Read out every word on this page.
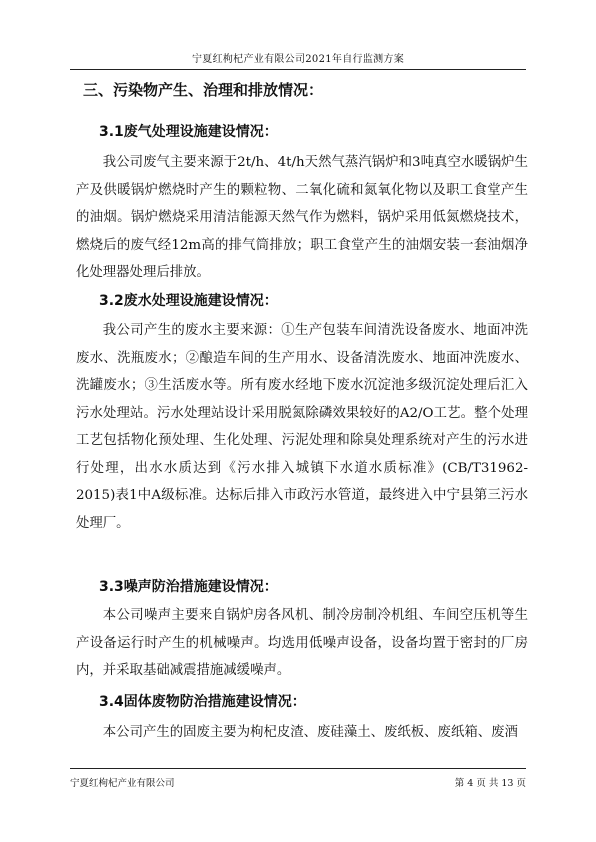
宁夏红枸杞产业有限公司2021年自行监测方案
三、污染物产生、治理和排放情况：
3.1废气处理设施建设情况：

我公司废气主要来源于2t/h、4t/h天然气蒸汽锅炉和3吨真空水暖锅炉生产及供暖锅炉燃烧时产生的颗粒物、二氧化硫和氮氧化物以及职工食堂产生的油烟。锅炉燃烧采用清洁能源天然气作为燃料，锅炉采用低氮燃烧技术，燃烧后的废气经12m高的排气筒排放；职工食堂产生的油烟安装一套油烟净化处理器处理后排放。

3.2废水处理设施建设情况：

我公司产生的废水主要来源：①生产包装车间清洗设备废水、地面冲洗废水、洗瓶废水；②酿造车间的生产用水、设备清洗废水、地面冲洗废水、洗罐废水；③生活废水等。所有废水经地下废水沉淀池多级沉淀处理后汇入污水处理站。污水处理站设计采用脱氮除磷效果较好的A2/O工艺。整个处理工艺包括物化预处理、生化处理、污泥处理和除臭处理系统对产生的污水进行处理，出水水质达到《污水排入城镇下水道水质标准》(CB/T31962-2015)表1中A级标准。达标后排入市政污水管道，最终进入中宁县第三污水处理厂。

3.3噪声防治措施建设情况：

本公司噪声主要来自锅炉房各风机、制冷房制冷机组、车间空压机等生产设备运行时产生的机械噪声。均选用低噪声设备，设备均置于密封的厂房内，并采取基础减震措施减缓噪声。

3.4固体废物防治措施建设情况：

本公司产生的固废主要为枸杞皮渣、废硅藻土、废纸板、废纸箱、废酒

宁夏红枸杞产业有限公司	第 4 页 共 13 页
